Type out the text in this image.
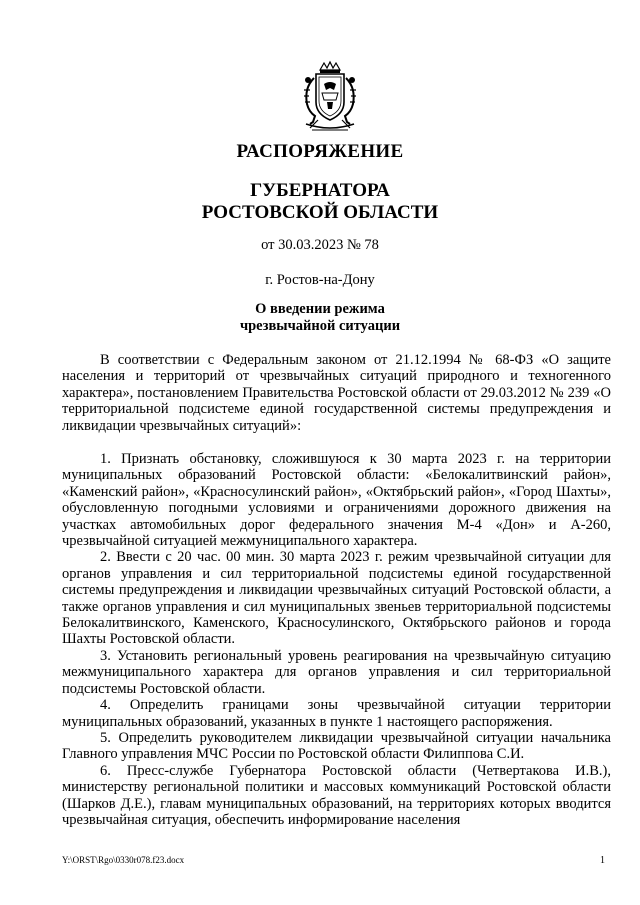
РАСПОРЯЖЕНИЕ
ГУБЕРНАТОРА
РОСТОВСКОЙ ОБЛАСТИ
от 30.03.2023 № 78
г. Ростов-на-Дону
О введении режима
чрезвычайной ситуации

В соответствии с Федеральным законом от 21.12.1994 № 68-ФЗ «О защите населения и территорий от чрезвычайных ситуаций природного и техногенного характера», постановлением Правительства Ростовской области от 29.03.2012 № 239 «О территориальной подсистеме единой государственной системы предупреждения и ликвидации чрезвычайных ситуаций»:

1. Признать обстановку, сложившуюся к 30 марта 2023 г. на территории муниципальных образований Ростовской области: «Белокалитвинский район», «Каменский район», «Красносулинский район», «Октябрьский район», «Город Шахты», обусловленную погодными условиями и ограничениями дорожного движения на участках автомобильных дорог федерального значения М-4 «Дон» и А-260, чрезвычайной ситуацией межмуниципального характера.

2. Ввести с 20 час. 00 мин. 30 марта 2023 г. режим чрезвычайной ситуации для органов управления и сил территориальной подсистемы единой государственной системы предупреждения и ликвидации чрезвычайных ситуаций Ростовской области, а также органов управления и сил муниципальных звеньев территориальной подсистемы Белокалитвинского, Каменского, Красносулинского, Октябрьского районов и города Шахты Ростовской области.

3. Установить региональный уровень реагирования на чрезвычайную ситуацию межмуниципального характера для органов управления и сил территориальной подсистемы Ростовской области.

4. Определить границами зоны чрезвычайной ситуации территории муниципальных образований, указанных в пункте 1 настоящего распоряжения.

5. Определить руководителем ликвидации чрезвычайной ситуации начальника Главного управления МЧС России по Ростовской области Филиппова С.И.

6. Пресс-службе Губернатора Ростовской области (Четвертакова И.В.), министерству региональной политики и массовых коммуникаций Ростовской области (Шарков Д.Е.), главам муниципальных образований, на территориях которых вводится чрезвычайная ситуация, обеспечить информирование населения

Y:\ORST\Rgo\0330r078.f23.docx	1
